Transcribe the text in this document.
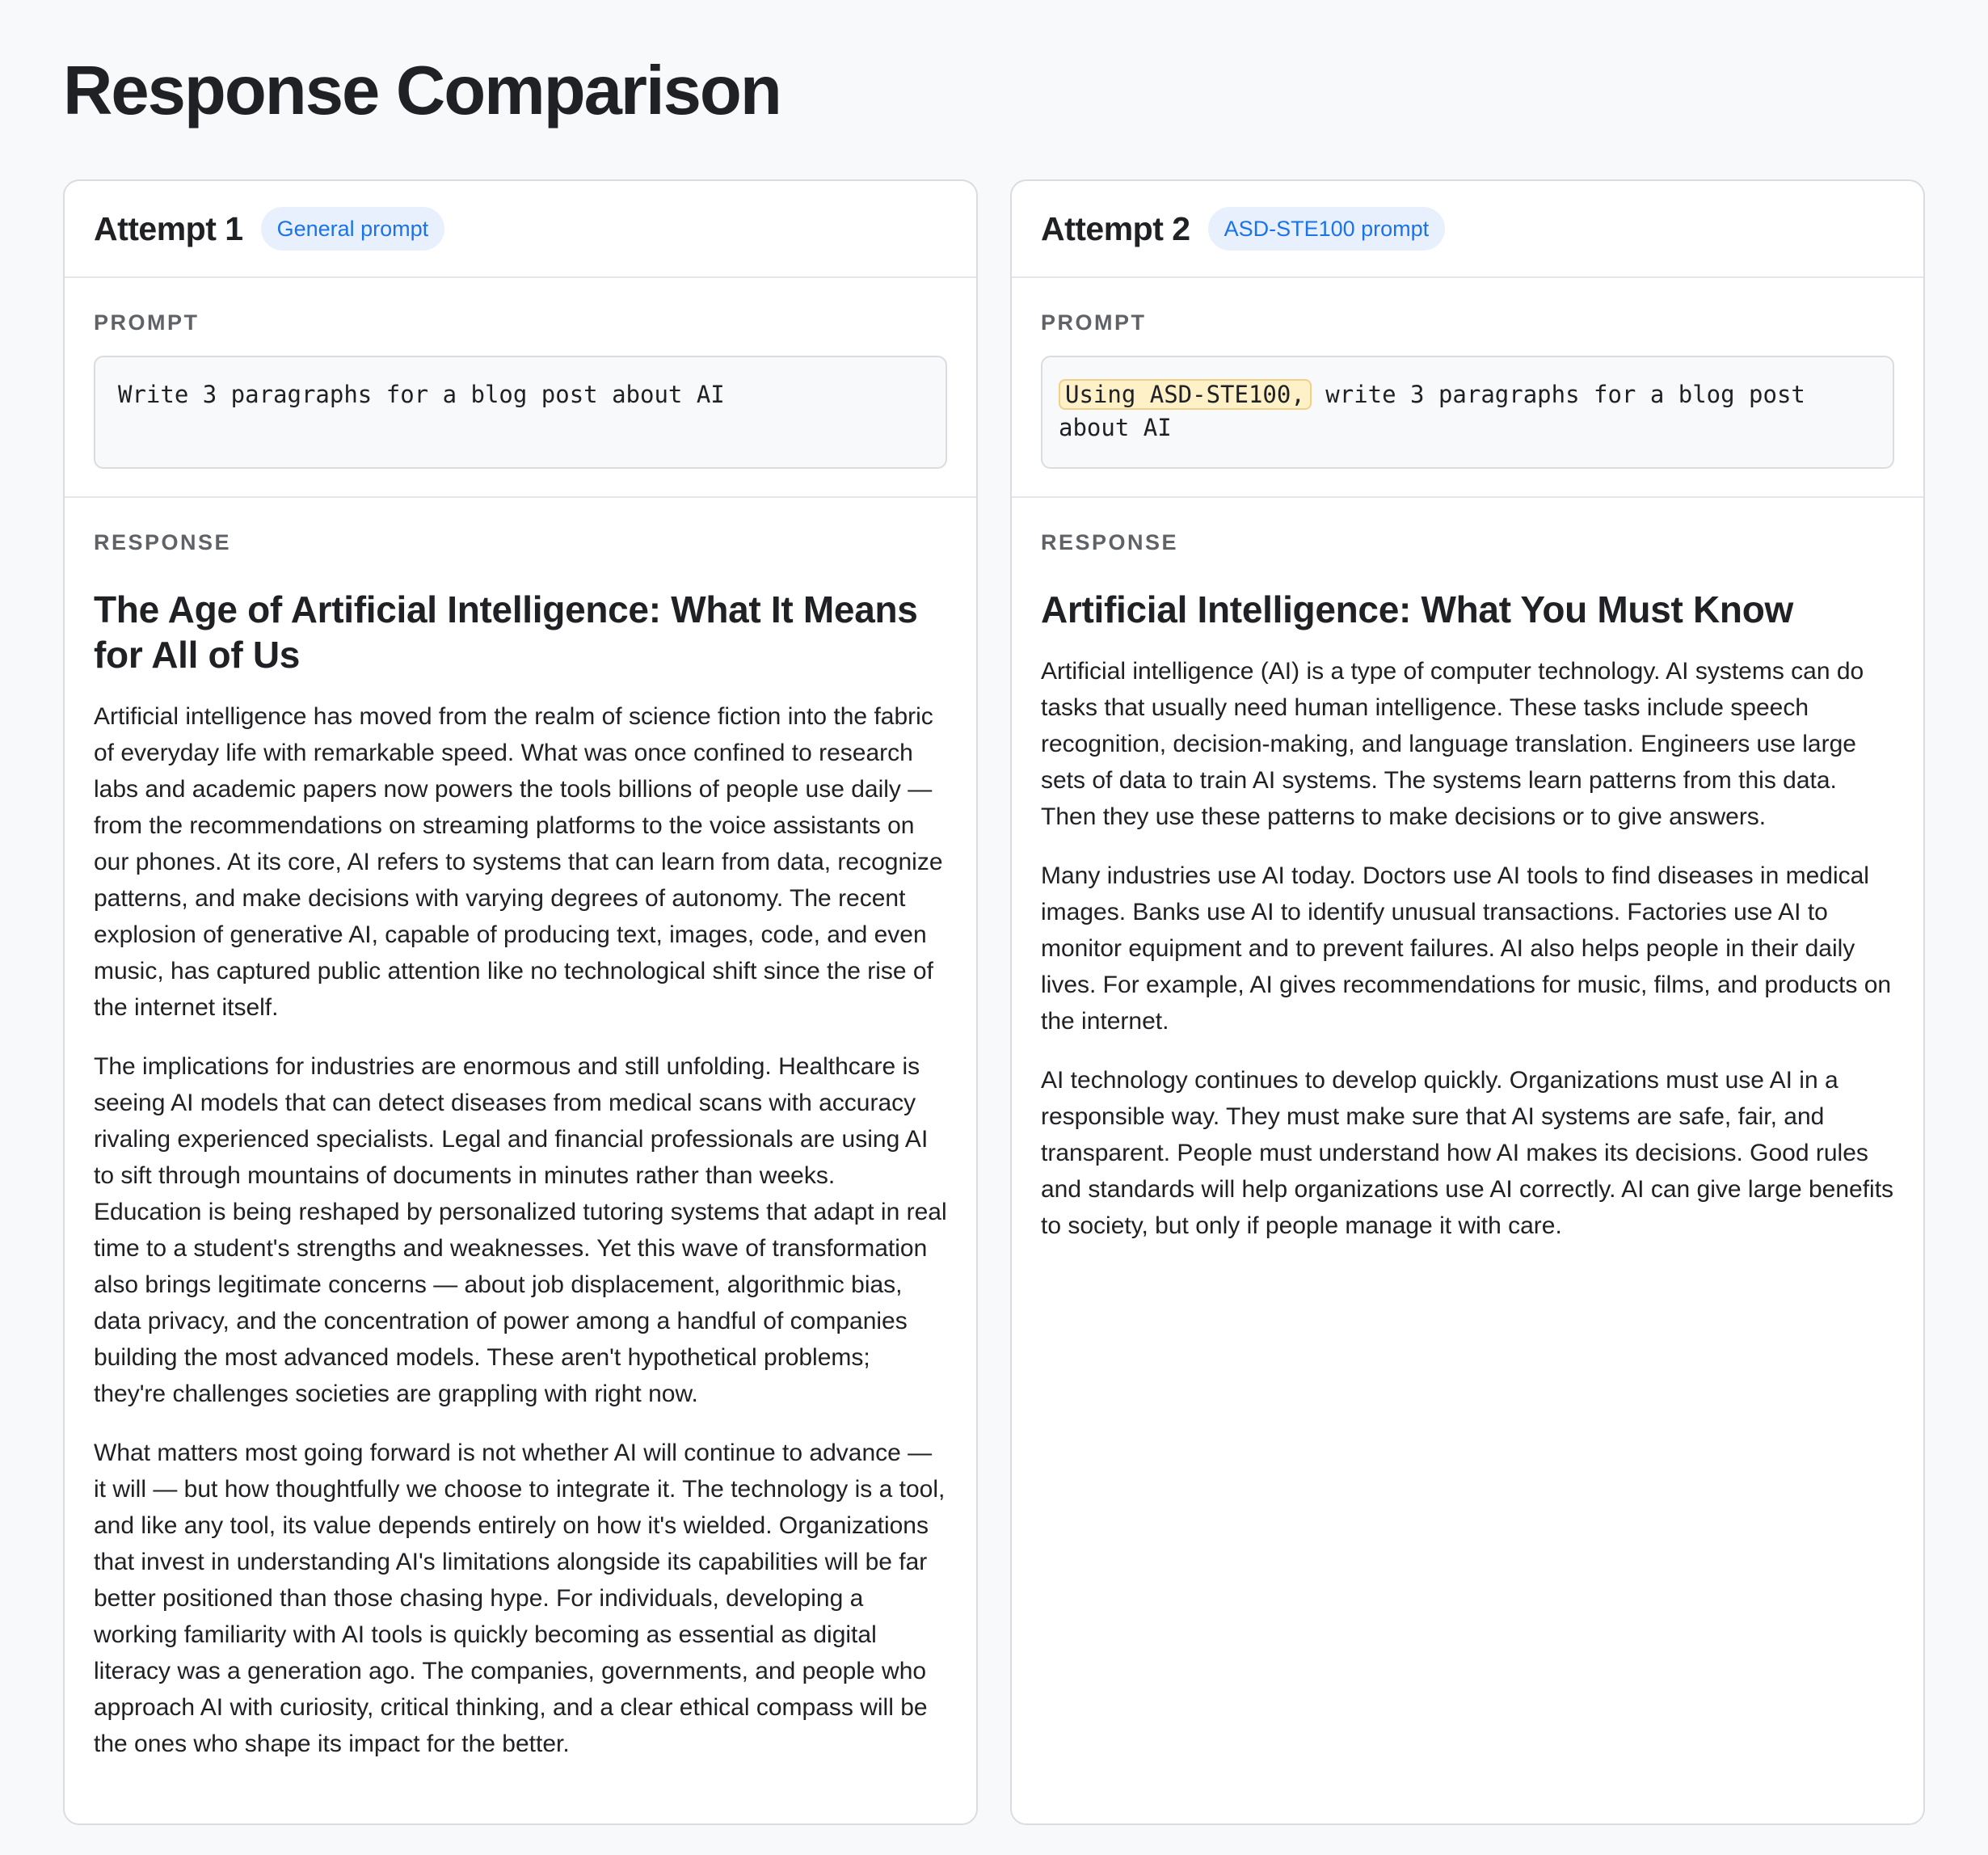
Response Comparison
Attempt 1	General prompt

PROMPT

Write 3 paragraphs for a blog post about AI

RESPONSE

The Age of Artificial Intelligence: What It Means for All of Us

Artificial intelligence has moved from the realm of science fiction into the fabric of everyday life with remarkable speed. What was once confined to research labs and academic papers now powers the tools billions of people use daily — from the recommendations on streaming platforms to the voice assistants on our phones. At its core, AI refers to systems that can learn from data, recognize patterns, and make decisions with varying degrees of autonomy. The recent explosion of generative AI, capable of producing text, images, code, and even music, has captured public attention like no technological shift since the rise of the internet itself.

The implications for industries are enormous and still unfolding. Healthcare is seeing AI models that can detect diseases from medical scans with accuracy rivaling experienced specialists. Legal and financial professionals are using AI to sift through mountains of documents in minutes rather than weeks. Education is being reshaped by personalized tutoring systems that adapt in real time to a student's strengths and weaknesses. Yet this wave of transformation also brings legitimate concerns — about job displacement, algorithmic bias, data privacy, and the concentration of power among a handful of companies building the most advanced models. These aren't hypothetical problems; they're challenges societies are grappling with right now.

What matters most going forward is not whether AI will continue to advance — it will — but how thoughtfully we choose to integrate it. The technology is a tool, and like any tool, its value depends entirely on how it's wielded. Organizations that invest in understanding AI's limitations alongside its capabilities will be far better positioned than those chasing hype. For individuals, developing a working familiarity with AI tools is quickly becoming as essential as digital literacy was a generation ago. The companies, governments, and people who approach AI with curiosity, critical thinking, and a clear ethical compass will be the ones who shape its impact for the better.

Attempt 2	ASD-STE100 prompt

PROMPT

Using ASD-STE100, write 3 paragraphs for a blog post about AI

RESPONSE

Artificial Intelligence: What You Must Know

Artificial intelligence (AI) is a type of computer technology. AI systems can do tasks that usually need human intelligence. These tasks include speech recognition, decision-making, and language translation. Engineers use large sets of data to train AI systems. The systems learn patterns from this data. Then they use these patterns to make decisions or to give answers.

Many industries use AI today. Doctors use AI tools to find diseases in medical images. Banks use AI to identify unusual transactions. Factories use AI to monitor equipment and to prevent failures. AI also helps people in their daily lives. For example, AI gives recommendations for music, films, and products on the internet.

AI technology continues to develop quickly. Organizations must use AI in a responsible way. They must make sure that AI systems are safe, fair, and transparent. People must understand how AI makes its decisions. Good rules and standards will help organizations use AI correctly. AI can give large benefits to society, but only if people manage it with care.
